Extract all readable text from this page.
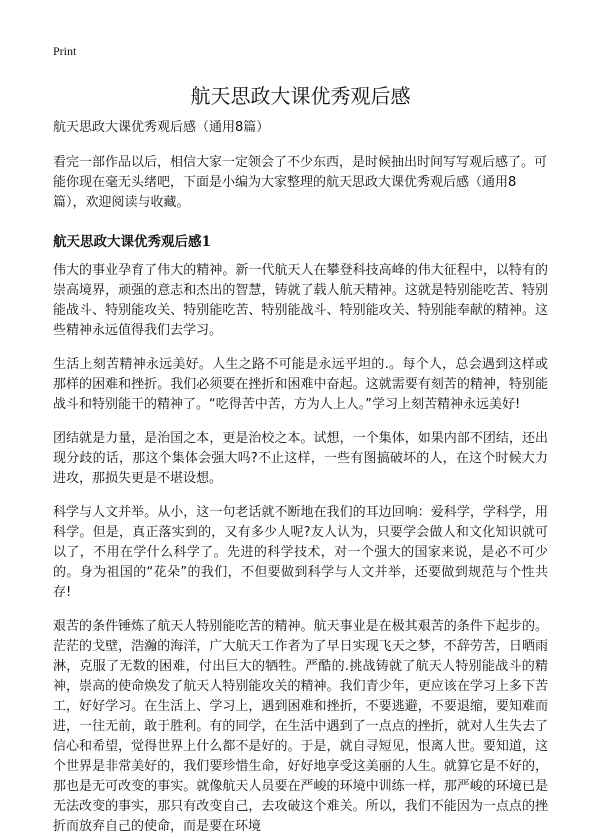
Print
航天思政大课优秀观后感
航天思政大课优秀观后感（通用8篇）
看完一部作品以后，相信大家一定领会了不少东西，是时候抽出时间写写观后感了。可能你现在毫无头绪吧，下面是小编为大家整理的航天思政大课优秀观后感（通用8篇），欢迎阅读与收藏。
航天思政大课优秀观后感1
伟大的事业孕育了伟大的精神。新一代航天人在攀登科技高峰的伟大征程中，以特有的崇高境界，顽强的意志和杰出的智慧，铸就了载人航天精神。这就是特别能吃苦、特别能战斗、特别能攻关、特别能吃苦、特别能战斗、特别能攻关、特别能奉献的精神。这些精神永远值得我们去学习。
生活上刻苦精神永远美好。人生之路不可能是永远平坦的.。每个人，总会遇到这样或那样的困难和挫折。我们必须要在挫折和困难中奋起。这就需要有刻苦的精神，特别能战斗和特别能干的精神了。“吃得苦中苦，方为人上人。”学习上刻苦精神永远美好!
团结就是力量，是治国之本，更是治校之本。试想，一个集体，如果内部不团结，还出现分歧的话，那这个集体会强大吗?不止这样，一些有图搞破坏的人，在这个时候大力进攻，那损失更是不堪设想。
科学与人文并举。从小，这一句老话就不断地在我们的耳边回响：爱科学，学科学，用科学。但是，真正落实到的，又有多少人呢?友人认为，只要学会做人和文化知识就可以了，不用在学什么科学了。先进的科学技术，对一个强大的国家来说，是必不可少的。身为祖国的“花朵”的我们，不但要做到科学与人文并举，还要做到规范与个性共存!
艰苦的条件锤炼了航天人特别能吃苦的精神。航天事业是在极其艰苦的条件下起步的。茫茫的戈壁，浩瀚的海洋，广大航天工作者为了早日实现飞天之梦，不辞劳苦，日晒雨淋，克服了无数的困难，付出巨大的牺牲。严酷的.挑战铸就了航天人特别能战斗的精神，崇高的使命焕发了航天人特别能攻关的精神。我们青少年，更应该在学习上多下苦工，好好学习。在生活上、学习上，遇到困难和挫折，不要逃避，不要退缩，要知难而进，一往无前，敢于胜利。有的同学，在生活中遇到了一点点的挫折，就对人生失去了信心和希望，觉得世界上什么都不是好的。于是，就自寻短见，恨离人世。要知道，这个世界是非常美好的，我们要珍惜生命，好好地享受这美丽的人生。就算它是不好的，那也是无可改变的事实。就像航天人员要在严峻的环境中训练一样，那严峻的环境已是无法改变的事实，那只有改变自己，去攻破这个难关。所以，我们不能因为一点点的挫折而放弃自己的使命，而是要在环境
